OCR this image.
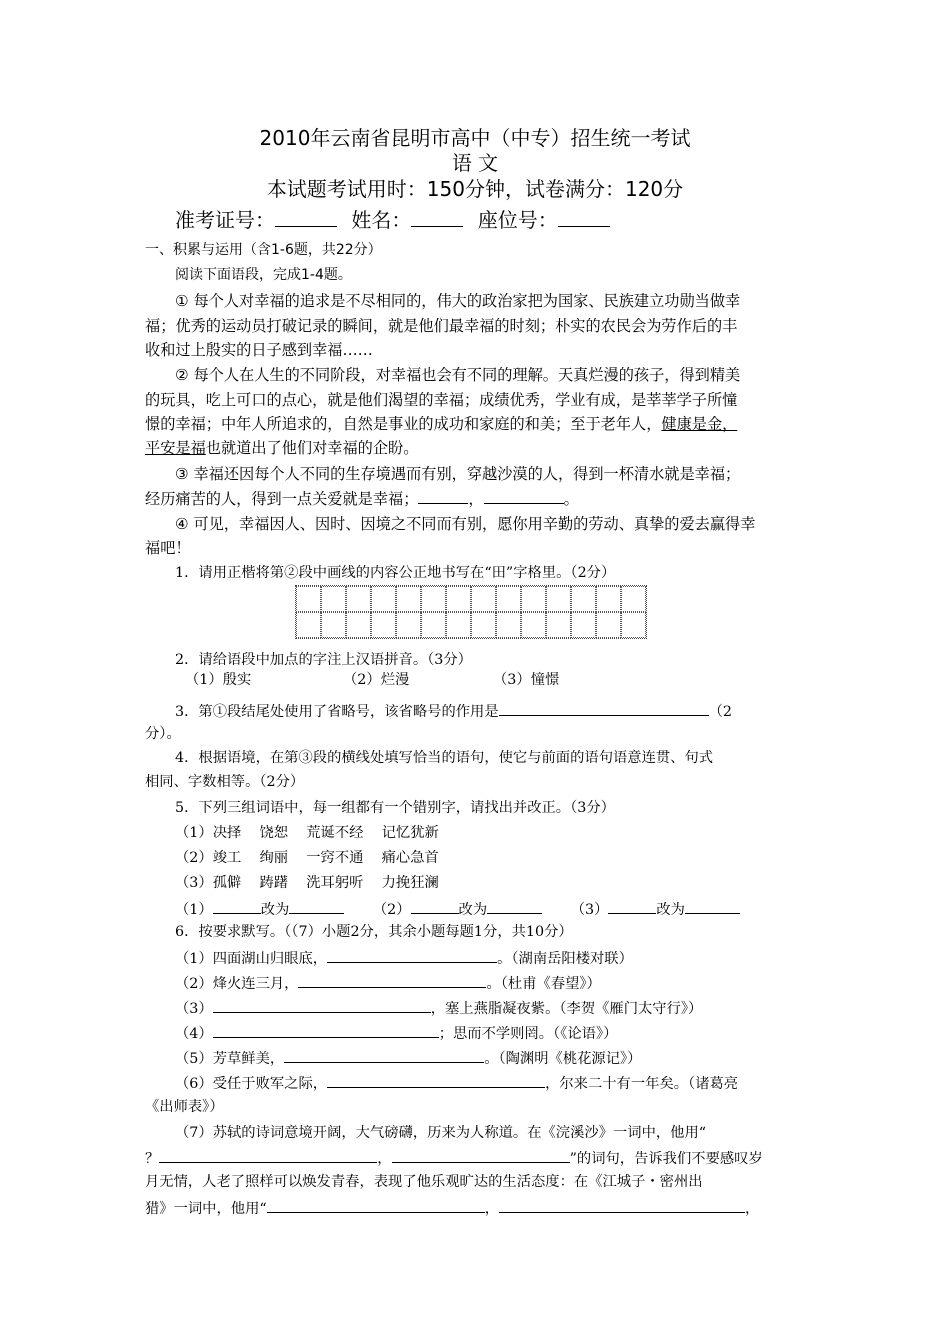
2010年云南省昆明市高中（中专）招生统一考试
语 文
本试题考试用时：150分钟，试卷满分：120分
准考证号：	姓名：	座位号：
一、积累与运用（含1-6题，共22分）
阅读下面语段，完成1-4题。
① 每个人对幸福的追求是不尽相同的，伟大的政治家把为国家、民族建立功勋当做幸
福；优秀的运动员打破记录的瞬间，就是他们最幸福的时刻；朴实的农民会为劳作后的丰
收和过上殷实的日子感到幸福……
② 每个人在人生的不同阶段，对幸福也会有不同的理解。天真烂漫的孩子，得到精美
的玩具，吃上可口的点心，就是他们渴望的幸福；成绩优秀，学业有成，是莘莘学子所憧
憬的幸福；中年人所追求的，自然是事业的成功和家庭的和美；至于老年人，健康是金，
平安是福也就道出了他们对幸福的企盼。
③ 幸福还因每个人不同的生存境遇而有别，穿越沙漠的人，得到一杯清水就是幸福；
经历痛苦的人，得到一点关爱就是幸福；	，	。
④ 可见，幸福因人、因时、因境之不同而有别，愿你用辛勤的劳动、真挚的爱去赢得幸
福吧！
1．请用正楷将第②段中画线的内容公正地书写在“田”字格里。（2分）
2．请给语段中加点的字注上汉语拼音。（3分）
（1）殷实	（2）烂漫	（3）憧憬
3．第①段结尾处使用了省略号，该省略号的作用是	（2
分）。
4．根据语境，在第③段的横线处填写恰当的语句，使它与前面的语句语意连贯、句式
相同、字数相等。（2分）
5．下列三组词语中，每一组都有一个错别字，请找出并改正。（3分）
（1）决择    饶恕    荒诞不经    记忆犹新
（2）竣工    绚丽    一窍不通    痛心急首
（3）孤僻    踌躇    洗耳躬听    力挽狂澜
（1）	改为	（2）	改为	（3）	改为
6．按要求默写。（（7）小题2分，其余小题每题1分，共10分）
（1）四面湖山归眼底，	。（湖南岳阳楼对联）
（2）烽火连三月，	。（杜甫《春望》）
（3）	，塞上燕脂凝夜紫。（李贺《雁门太守行》）
（4）	；思而不学则罔。（《论语》）
（5）芳草鲜美，	。（陶渊明《桃花源记》）
（6）受任于败军之际，	，尔来二十有一年矣。（诸葛亮
《出师表》）
（7）苏轼的诗词意境开阔，大气磅礴，历来为人称道。在《浣溪沙》一词中，他用“
？	，	”的词句，告诉我们不要感叹岁
月无情，人老了照样可以焕发青春，表现了他乐观旷达的生活态度：在《江城子・密州出
猎》一词中，他用“	，	，
